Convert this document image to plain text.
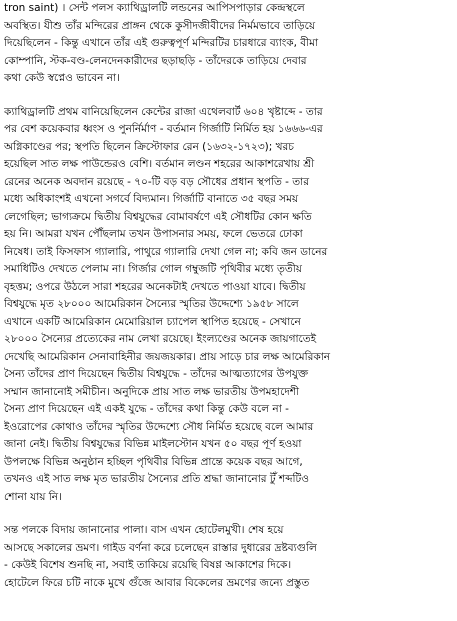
tron saint) । সেন্ট পলস ক্যাথিড্রালটি লন্ডনের আপিসপাড়ার কেন্দ্রস্থলে
অবস্থিত। যীশু তাঁর মন্দিরের প্রাঙ্গন থেকে কুসীদজীবীদের নির্মমভাবে তাড়িয়ে
দিয়েছিলেন - কিন্তু এখানে তাঁর এই গুরুত্বপূর্ণ মন্দিরটির চারধারে ব্যাংক, বীমা
কোম্পানি, স্টক-বণ্ড-লেনদেনকারীদের ছড়াছড়ি - তাঁদেরকে তাড়িয়ে দেবার
কথা কেউ স্বপ্নেও ভাবেন না।
ক্যাথিড্রালটি প্রথম বানিয়েছিলেন কেন্টের রাজা এথেলবার্ট ৬০৪ খৃষ্টাব্দে - তার
পর বেশ কয়েকবার ধ্বংস ও পুনর্নির্মাণ - বর্তমান গির্জাটি নির্মিত হয় ১৬৬৬-এর
অগ্নিকাণ্ডের পর; স্থপতি ছিলেন ক্রিস্টোফার রেন (১৬৩২-১৭২৩); খরচ
হয়েছিল সাত লক্ষ পাউন্ডেরও বেশি। বর্তমান লণ্ডন শহরের আকাশরেখায় শ্রী
রেনের অনেক অবদান রয়েছে - ৭০-টি বড় বড় সৌধের প্রধান স্থপতি - তার
মধ্যে অধিকাংশই এখনো সগর্বে বিদ্যমান। গির্জাটি বানাতে ৩৫ বছর সময়
লেগেছিল; ভাগ্যক্রমে দ্বিতীয় বিশ্বযুদ্ধের বোমাবর্ষণে এই সৌধটির কোন ক্ষতি
হয় নি। আমরা যখন পৌঁছলাম তখন উপাসনার সময়, ফলে ভেতরে ঢোকা
নিষেধ। তাই ফিসফাস গ্যালারি, পাথুরে গ্যালারি দেখা গেল না; কবি জন ডানের
সমাধিটিও দেখতে পেলাম না। গির্জার গোল গম্বুজটি পৃথিবীর মধ্যে তৃতীয়
বৃহত্তম; ওপরে উঠলে সারা শহরের অনেকটাই দেখতে পাওয়া যাবে। দ্বিতীয়
বিশ্বযুদ্ধে মৃত ২৮০০০ আমেরিকান সৈন্যের স্মৃতির উদ্দেশ্যে ১৯৫৮ সালে
এখানে একটি আমেরিকান মেমোরিয়াল চ্যাপেল স্থাপিত হয়েছে - সেখানে
২৮০০০ সৈন্যের প্রত্যেকের নাম লেখা রয়েছে। ইংল্যণ্ডের অনেক জায়গাতেই
দেখেছি আমেরিকান সেনাবাহিনীর জয়জয়কার। প্রায় সাড়ে চার লক্ষ আমেরিকান
সৈন্য তাঁদের প্রাণ দিয়েছেন দ্বিতীয় বিশ্বযুদ্ধে - তাঁদের আত্মত্যাগের উপযুক্ত
সম্মান জানানোই সমীচীন। অনুদিকে প্রায় সাত লক্ষ ভারতীয় উপমহাদেশী
সৈন্য প্রাণ দিয়েছেন এই একই যুদ্ধে - তাঁদের কথা কিন্তু কেউ বলে না -
ইওরোপের কোথাও তাঁদের স্মৃতির উদ্দেশ্যে সৌধ নির্মিত হয়েছে বলে আমার
জানা নেই। দ্বিতীয় বিশ্বযুদ্ধের বিভিন্ন মাইলস্টোন যখন ৫০ বছর পূর্ণ হওয়া
উপলক্ষে বিভিন্ন অনুষ্ঠান হচ্ছিল পৃথিবীর বিভিন্ন প্রান্তে কয়েক বছর আগে,
তখনও এই সাত লক্ষ মৃত ভারতীয় সৈন্যের প্রতি শ্রদ্ধা জানানোর টুঁ শব্দটিও
শোনা যায় নি।
সন্ত পলকে বিদায় জানানোর পালা। বাস এখন হোটেলমুখী। শেষ হয়ে
আসছে সকালের ভ্রমণ। গাইড বর্ণনা করে চলেছেন রাস্তার দুধারের দ্রষ্টব্যগুলি
- কেউই বিশেষ শুনছি না, সবাই তাকিয়ে রয়েছি বিষণ্ণ আকাশের দিকে।
হোটেলে ফিরে চটি নাকে মুখে গুঁজে আবার বিকেলের ভ্রমণের জন্যে প্রস্তুত
